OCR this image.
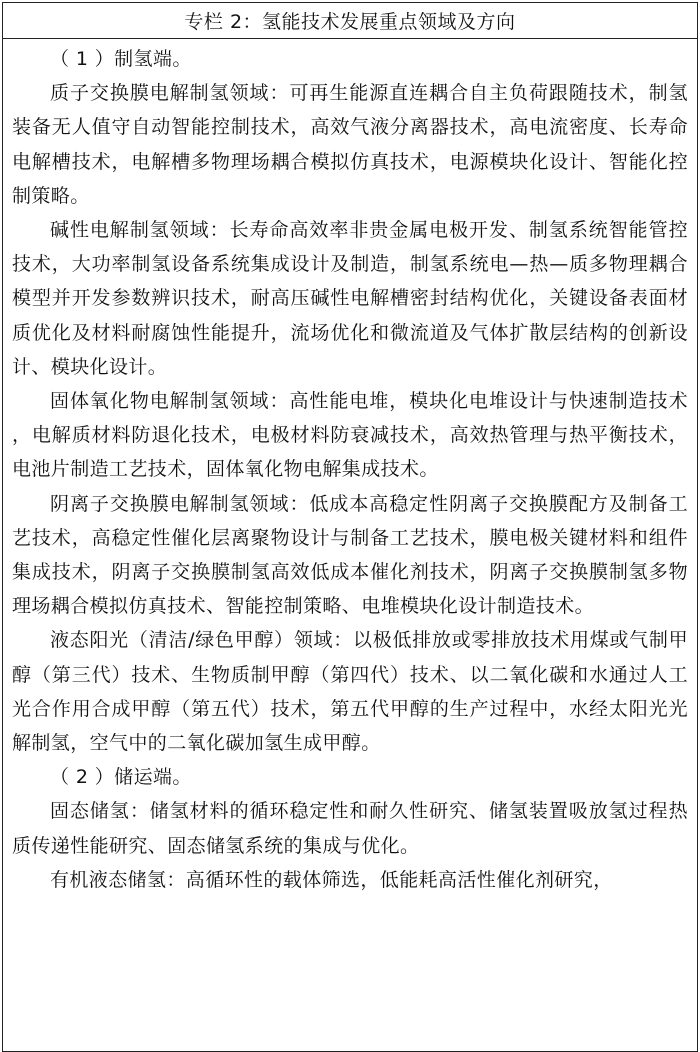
专栏 2：氢能技术发展重点领域及方向

（ 1 ）制氢端。

质子交换膜电解制氢领域：可再生能源直连耦合自主负荷跟随技术，制氢装备无人值守自动智能控制技术，高效气液分离器技术，高电流密度、长寿命电解槽技术，电解槽多物理场耦合模拟仿真技术，电源模块化设计、智能化控制策略。

碱性电解制氢领域：长寿命高效率非贵金属电极开发、制氢系统智能管控技术，大功率制氢设备系统集成设计及制造，制氢系统电—热—质多物理耦合模型并开发参数辨识技术，耐高压碱性电解槽密封结构优化，关键设备表面材质优化及材料耐腐蚀性能提升，流场优化和微流道及气体扩散层结构的创新设计、模块化设计。

固体氧化物电解制氢领域：高性能电堆，模块化电堆设计与快速制造技术，电解质材料防退化技术，电极材料防衰减技术，高效热管理与热平衡技术，电池片制造工艺技术，固体氧化物电解集成技术。

阴离子交换膜电解制氢领域：低成本高稳定性阴离子交换膜配方及制备工艺技术，高稳定性催化层离聚物设计与制备工艺技术，膜电极关键材料和组件集成技术，阴离子交换膜制氢高效低成本催化剂技术，阴离子交换膜制氢多物理场耦合模拟仿真技术、智能控制策略、电堆模块化设计制造技术。

液态阳光（清洁/绿色甲醇）领域：以极低排放或零排放技术用煤或气制甲醇（第三代）技术、生物质制甲醇（第四代）技术、以二氧化碳和水通过人工光合作用合成甲醇（第五代）技术，第五代甲醇的生产过程中，水经太阳光光解制氢，空气中的二氧化碳加氢生成甲醇。

（ 2 ）储运端。

固态储氢：储氢材料的循环稳定性和耐久性研究、储氢装置吸放氢过程热质传递性能研究、固态储氢系统的集成与优化。

有机液态储氢：高循环性的载体筛选，低能耗高活性催化剂研究，
